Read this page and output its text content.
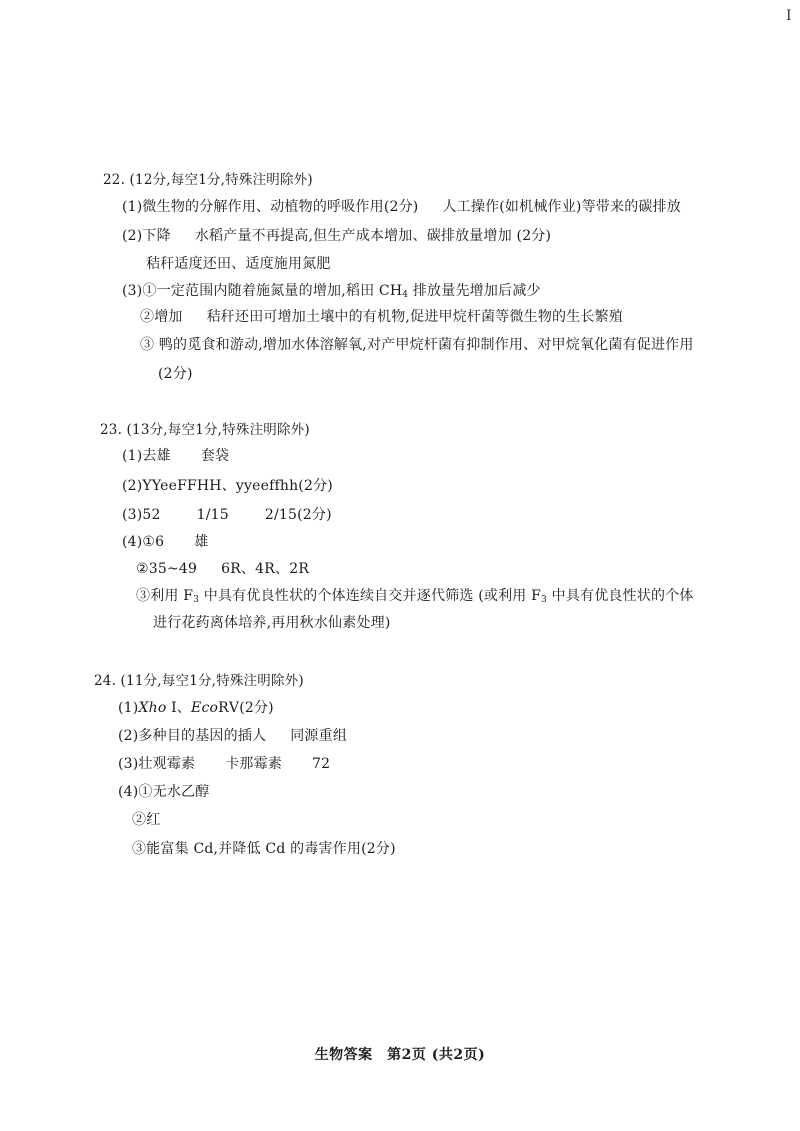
I
22. (12分,每空1分,特殊注明除外)
(1)微生物的分解作用、动植物的呼吸作用(2分) 人工操作(如机械作业)等带来的碳排放
(2)下降 水稻产量不再提高,但生产成本增加、碳排放量增加 (2分)
秸秆适度还田、适度施用氮肥
(3)①一定范围内随着施氮量的增加,稻田 $CH_4$ 排放量先增加后减少
②增加 秸秆还田可增加土壤中的有机物,促进甲烷杆菌等微生物的生长繁殖
③ 鸭的觅食和游动,增加水体溶解氧,对产甲烷杆菌有抑制作用、对甲烷氧化菌有促进作用
(2分)
23. (13分,每空1分,特殊注明除外)
(1)去雄 套袋
(2)YYeeFFHH、yyeeffhh(2分)
(3)52	1/15	2/15(2分)
(4)①6 雄
②35~49 6R、4R、2R
③利用 $F_3$ 中具有优良性状的个体连续自交并逐代筛选 (或利用 $F_3$ 中具有优良性状的个体
进行花药离体培养,再用秋水仙素处理)
24. (11分,每空1分,特殊注明除外)
(1)Xho Ⅰ、EcoRⅤ(2分)
(2)多种目的基因的插人 同源重组
(3)壮观霉素 卡那霉素 72
(4)①无水乙醇
②红
③能富集 Cd,并降低 Cd 的毒害作用(2分)
生物答案　第2页 (共2页)
